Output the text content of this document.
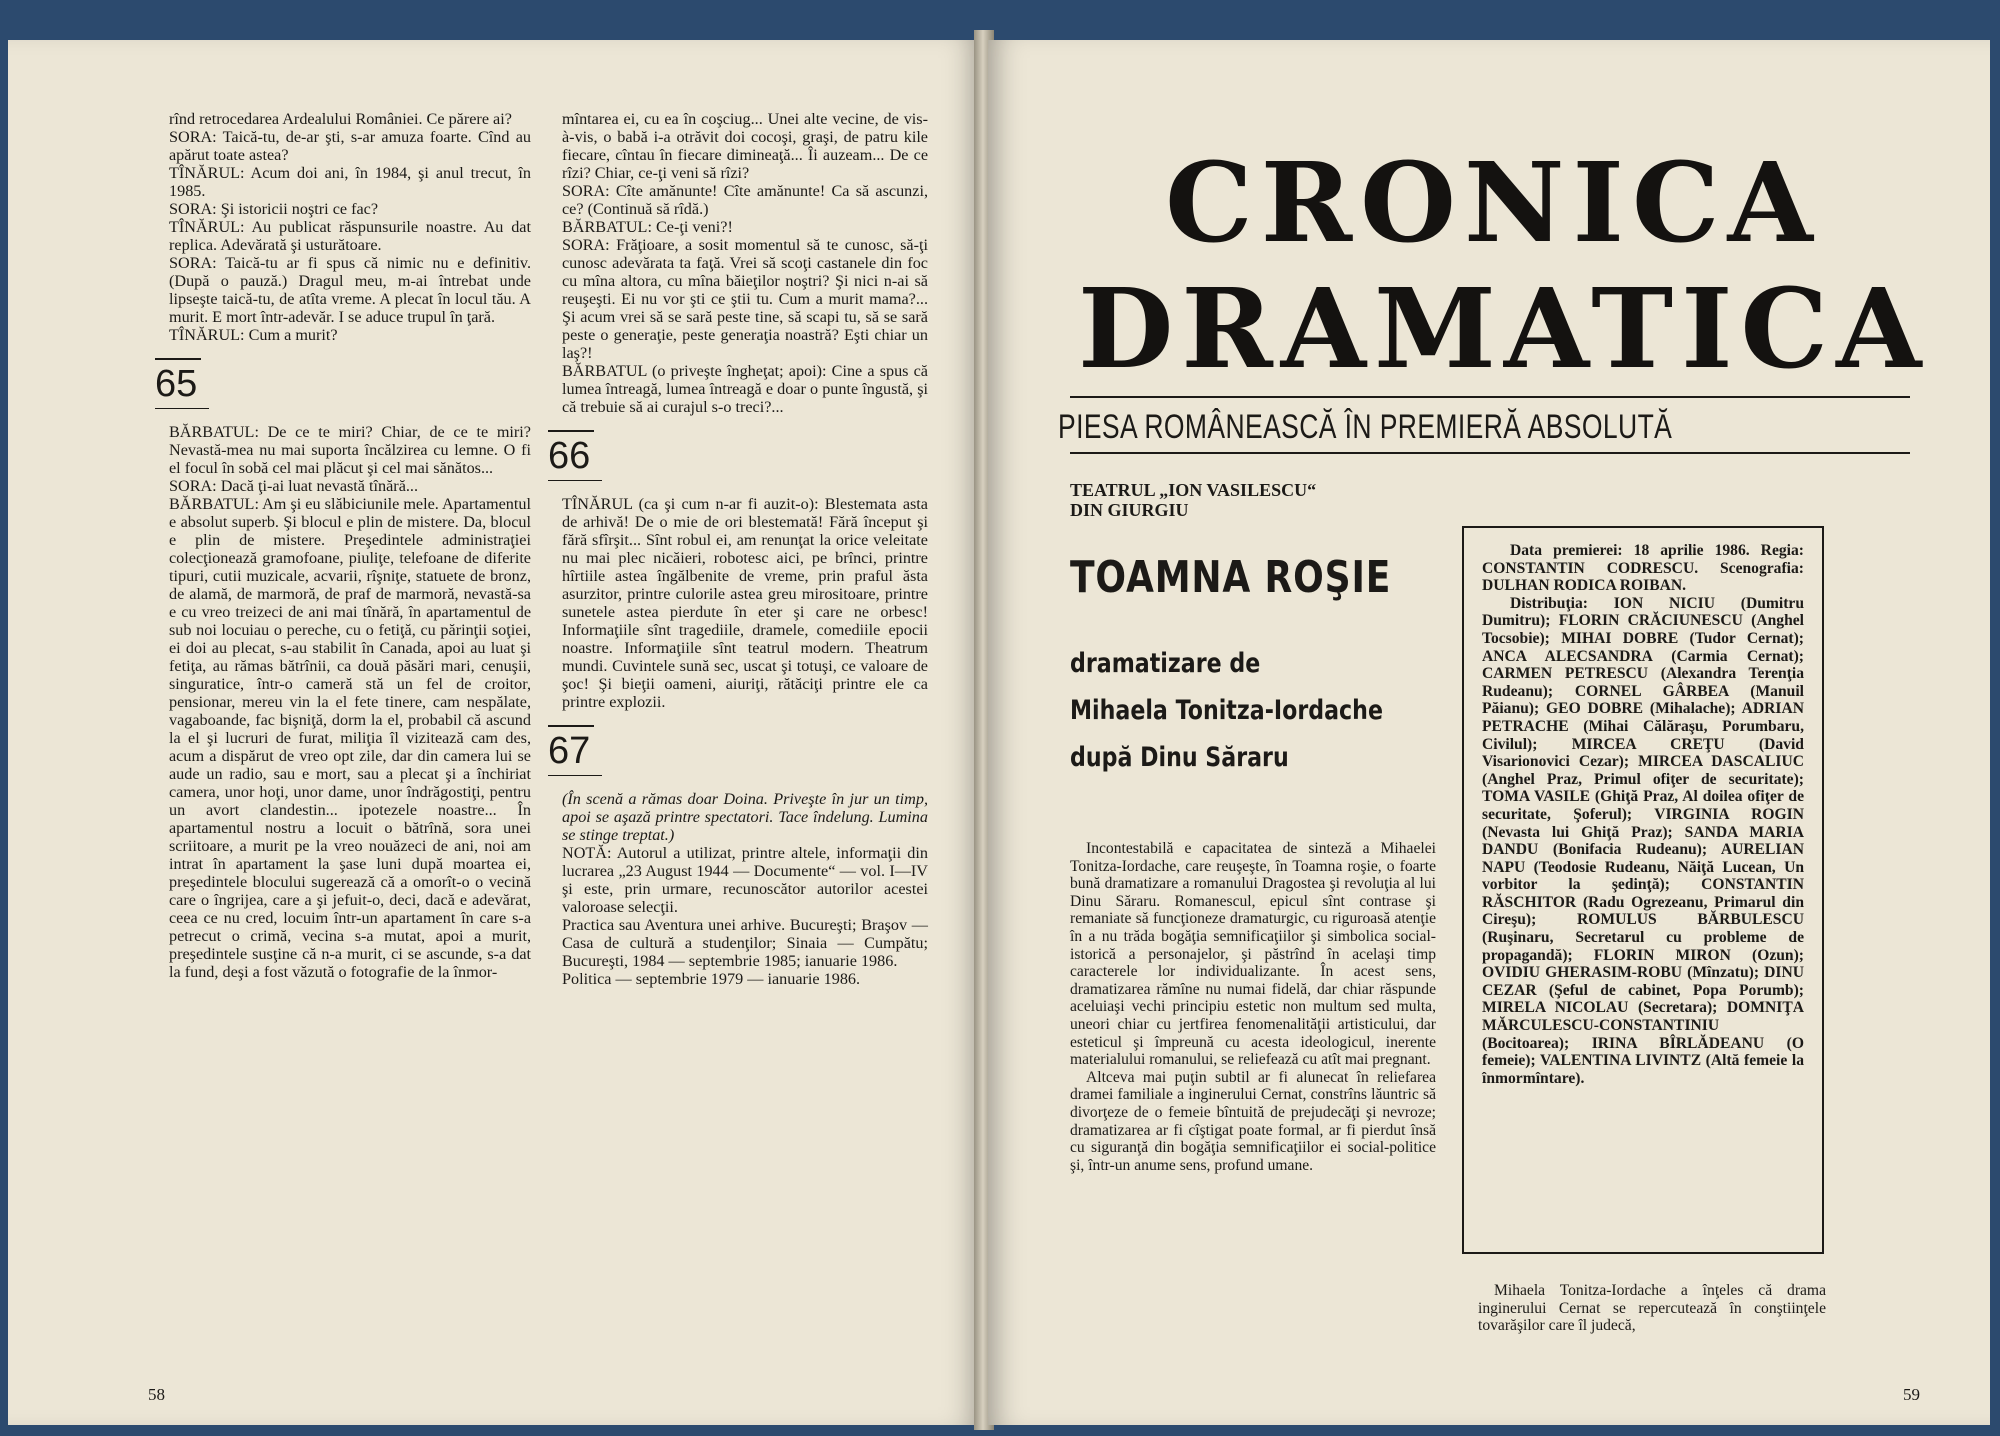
rînd retrocedarea Ardealului României. Ce părere ai?

SORA: Taică-tu, de-ar şti, s-ar amuza foarte. Cînd au apărut toate astea?

TÎNĂRUL: Acum doi ani, în 1984, şi anul trecut, în 1985.

SORA: Şi istoricii noştri ce fac?

TÎNĂRUL: Au publicat răspunsurile noastre. Au dat replica. Adevărată şi usturătoare.

SORA: Taică-tu ar fi spus că nimic nu e definitiv. (După o pauză.) Dragul meu, m-ai întrebat unde lipseşte taică-tu, de atîta vreme. A plecat în locul tău. A murit. E mort într-adevăr. I se aduce trupul în ţară.

TÎNĂRUL: Cum a murit?

65

BĂRBATUL: De ce te miri? Chiar, de ce te miri? Nevastă-mea nu mai suporta încălzirea cu lemne. O fi el focul în sobă cel mai plăcut şi cel mai sănătos...

SORA: Dacă ţi-ai luat nevastă tînără...

BĂRBATUL: Am şi eu slăbiciunile mele. Apartamentul e absolut superb. Şi blocul e plin de mistere. Da, blocul e plin de mistere. Preşedintele administraţiei colecţionează gramofoane, piuliţe, telefoane de diferite tipuri, cutii muzicale, acvarii, rîşniţe, statuete de bronz, de alamă, de marmoră, de praf de marmoră, nevastă-sa e cu vreo treizeci de ani mai tînără, în apartamentul de sub noi locuiau o pereche, cu o fetiţă, cu părinţii soţiei, ei doi au plecat, s-au stabilit în Canada, apoi au luat şi fetiţa, au rămas bătrînii, ca două păsări mari, cenuşii, singuratice, într-o cameră stă un fel de croitor, pensionar, mereu vin la el fete tinere, cam nespălate, vagaboande, fac bişniţă, dorm la el, probabil că ascund la el şi lucruri de furat, miliţia îl vizitează cam des, acum a dispărut de vreo opt zile, dar din camera lui se aude un radio, sau e mort, sau a plecat şi a închiriat camera, unor hoţi, unor dame, unor îndrăgostiţi, pentru un avort clandestin... ipotezele noastre... În apartamentul nostru a locuit o bătrînă, sora unei scriitoare, a murit pe la vreo nouăzeci de ani, noi am intrat în apartament la şase luni după moartea ei, preşedintele blocului sugerează că a omorît-o o vecină care o îngrijea, care a şi jefuit-o, deci, dacă e adevărat, ceea ce nu cred, locuim într-un apartament în care s-a petrecut o crimă, vecina s-a mutat, apoi a murit, preşedintele susţine că n-a murit, ci se ascunde, s-a dat la fund, deşi a fost văzută o fotografie de la înmor-

mîntarea ei, cu ea în coşciug... Unei alte vecine, de vis-à-vis, o babă i-a otrăvit doi cocoşi, graşi, de patru kile fiecare, cîntau în fiecare dimineaţă... Îi auzeam... De ce rîzi? Chiar, ce-ţi veni să rîzi?

SORA: Cîte amănunte! Cîte amănunte! Ca să ascunzi, ce? (Continuă să rîdă.)

BĂRBATUL: Ce-ţi veni?!

SORA: Frăţioare, a sosit momentul să te cunosc, să-ţi cunosc adevărata ta faţă. Vrei să scoţi castanele din foc cu mîna altora, cu mîna băieţilor noştri? Şi nici n-ai să reuşeşti. Ei nu vor şti ce ştii tu. Cum a murit mama?... Şi acum vrei să se sară peste tine, să scapi tu, să se sară peste o generaţie, peste generaţia noastră? Eşti chiar un laş?!

BĂRBATUL (o priveşte îngheţat; apoi): Cine a spus că lumea întreagă, lumea întreagă e doar o punte îngustă, şi că trebuie să ai curajul s-o treci?...

66

TÎNĂRUL (ca şi cum n-ar fi auzit-o): Blestemata asta de arhivă! De o mie de ori blestemată! Fără început şi fără sfîrşit... Sînt robul ei, am renunţat la orice veleitate nu mai plec nicăieri, robotesc aici, pe brînci, printre hîrtiile astea îngălbenite de vreme, prin praful ăsta asurzitor, printre culorile astea greu mirositoare, printre sunetele astea pierdute în eter şi care ne orbesc! Informaţiile sînt tragediile, dramele, comediile epocii noastre. Informaţiile sînt teatrul modern. Theatrum mundi. Cuvintele sună sec, uscat şi totuşi, ce valoare de şoc! Şi bieţii oameni, aiuriţi, rătăciţi printre ele ca printre explozii.

67

(În scenă a rămas doar Doina. Priveşte în jur un timp, apoi se aşază printre spectatori. Tace îndelung. Lumina se stinge treptat.)

NOTĂ: Autorul a utilizat, printre altele, informaţii din lucrarea „23 August 1944 — Documente“ — vol. I—IV şi este, prin urmare, recunoscător autorilor acestei valoroase selecţii.

Practica sau Aventura unei arhive. Bucureşti; Braşov — Casa de cultură a studenţilor; Sinaia — Cumpătu; Bucureşti, 1984 — septembrie 1985; ianuarie 1986.

Politica — septembrie 1979 — ianuarie 1986.

58
CRONICA
DRAMATICA
PIESA ROMÂNEASCĂ ÎN PREMIERĂ ABSOLUTĂ
TEATRUL „ION VASILESCU“ DIN GIURGIU
TOAMNA ROŞIE
dramatizare de
Mihaela Tonitza-Iordache
după Dinu Săraru

Data premierei: 18 aprilie 1986. Regia: CONSTANTIN CODRESCU. Scenografia: DULHAN RODICA ROIBAN.

Distribuţia: ION NICIU (Dumitru Dumitru); FLORIN CRĂCIUNESCU (Anghel Tocsobie); MIHAI DOBRE (Tudor Cernat); ANCA ALECSANDRA (Carmia Cernat); CARMEN PETRESCU (Alexandra Terenţia Rudeanu); CORNEL GÂRBEA (Manuil Păianu); GEO DOBRE (Mihalache); ADRIAN PETRACHE (Mihai Călăraşu, Porumbaru, Civilul); MIRCEA CREŢU (David Visarionovici Cezar); MIRCEA DASCALIUC (Anghel Praz, Primul ofiţer de securitate); TOMA VASILE (Ghiţă Praz, Al doilea ofiţer de securitate, Şoferul); VIRGINIA ROGIN (Nevasta lui Ghiţă Praz); SANDA MARIA DANDU (Bonifacia Rudeanu); AURELIAN NAPU (Teodosie Rudeanu, Năiţă Lucean, Un vorbitor la şedinţă); CONSTANTIN RĂSCHITOR (Radu Ogrezeanu, Primarul din Cireşu); ROMULUS BĂRBULESCU (Ruşinaru, Secretarul cu probleme de propagandă); FLORIN MIRON (Ozun); OVIDIU GHERASIM-ROBU (Mînzatu); DINU CEZAR (Şeful de cabinet, Popa Porumb); MIRELA NICOLAU (Secretara); DOMNIŢA MĂRCULESCU-CONSTANTINIU (Bocitoarea); IRINA BÎRLĂDEANU (O femeie); VALENTINA LIVINTZ (Altă femeie la înmormîntare).

Incontestabilă e capacitatea de sinteză a Mihaelei Tonitza-Iordache, care reuşeşte, în Toamna roşie, o foarte bună dramatizare a romanului Dragostea şi revoluţia al lui Dinu Săraru. Romanescul, epicul sînt contrase şi remaniate să funcţioneze dramaturgic, cu riguroasă atenţie în a nu trăda bogăţia semnificaţiilor şi simbolica social-istorică a personajelor, şi păstrînd în acelaşi timp caracterele lor individualizante. În acest sens, dramatizarea rămîne nu numai fidelă, dar chiar răspunde aceluiaşi vechi principiu estetic non multum sed multa, uneori chiar cu jertfirea fenomenalităţii artisticului, dar esteticul şi împreună cu acesta ideologicul, inerente materialului romanului, se reliefează cu atît mai pregnant.

Altceva mai puţin subtil ar fi alunecat în reliefarea dramei familiale a inginerului Cernat, constrîns lăuntric să divorţeze de o femeie bîntuită de prejudecăţi şi nevroze; dramatizarea ar fi cîştigat poate formal, ar fi pierdut însă cu siguranţă din bogăţia semnificaţiilor ei social-politice şi, într-un anume sens, profund umane.

Mihaela Tonitza-Iordache a înţeles că drama inginerului Cernat se repercutează în conştiinţele tovarăşilor care îl judecă,
59
